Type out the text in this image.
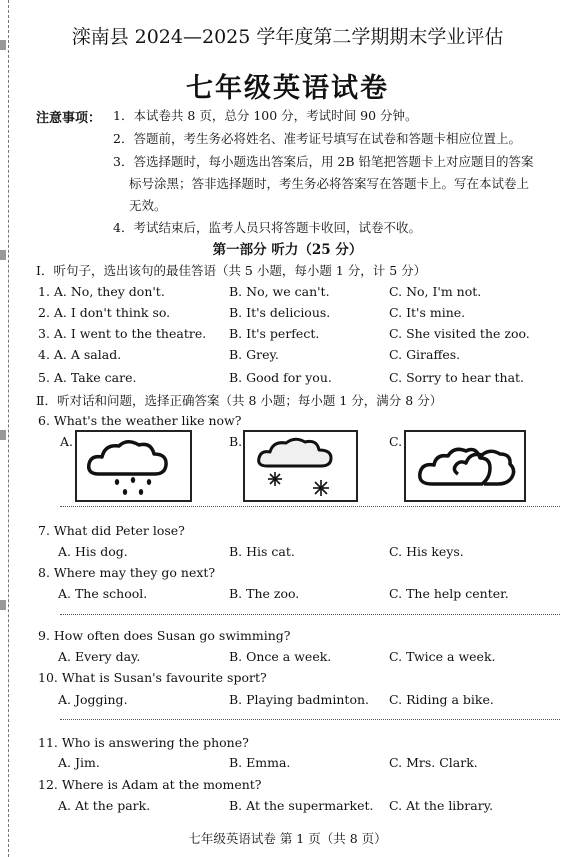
滦南县 2024—2025 学年度第二学期期末学业评估
七年级英语试卷
注意事项： 1．本试卷共 8 页，总分 100 分，考试时间 90 分钟。
2．答题前，考生务必将姓名、准考证号填写在试卷和答题卡相应位置上。
3．答选择题时，每小题选出答案后，用 2B 铅笔把答题卡上对应题目的答案
标号涂黑；答非选择题时，考生务必将答案写在答题卡上。写在本试卷上
无效。
4．考试结束后，监考人员只将答题卡收回，试卷不收。
第一部分 听力（25 分）
Ⅰ．听句子，选出该句的最佳答语（共 5 小题，每小题 1 分，计 5 分）
1. A. No, they don't.	B. No, we can't.	C. No, I'm not.
2. A. I don't think so.	B. It's delicious.	C. It's mine.
3. A. I went to the theatre. B. It's perfect.	C. She visited the zoo.
4. A. A salad.	B. Grey.	C. Giraffes.
5. A. Take care.	B. Good for you.	C. Sorry to hear that.
Ⅱ．听对话和问题，选择正确答案（共 8 小题；每小题 1 分，满分 8 分）
6. What's the weather like now?
A.	B.	C.
7. What did Peter lose?
A. His dog.	B. His cat.	C. His keys.
8. Where may they go next?
A. The school.	B. The zoo.	C. The help center.
9. How often does Susan go swimming?
A. Every day.	B. Once a week.	C. Twice a week.
10. What is Susan's favourite sport?
A. Jogging.	B. Playing badminton. C. Riding a bike.
11. Who is answering the phone?
A. Jim.	B. Emma.	C. Mrs. Clark.
12. Where is Adam at the moment?
A. At the park.	B. At the supermarket. C. At the library.
七年级英语试卷 第 1 页（共 8 页）
